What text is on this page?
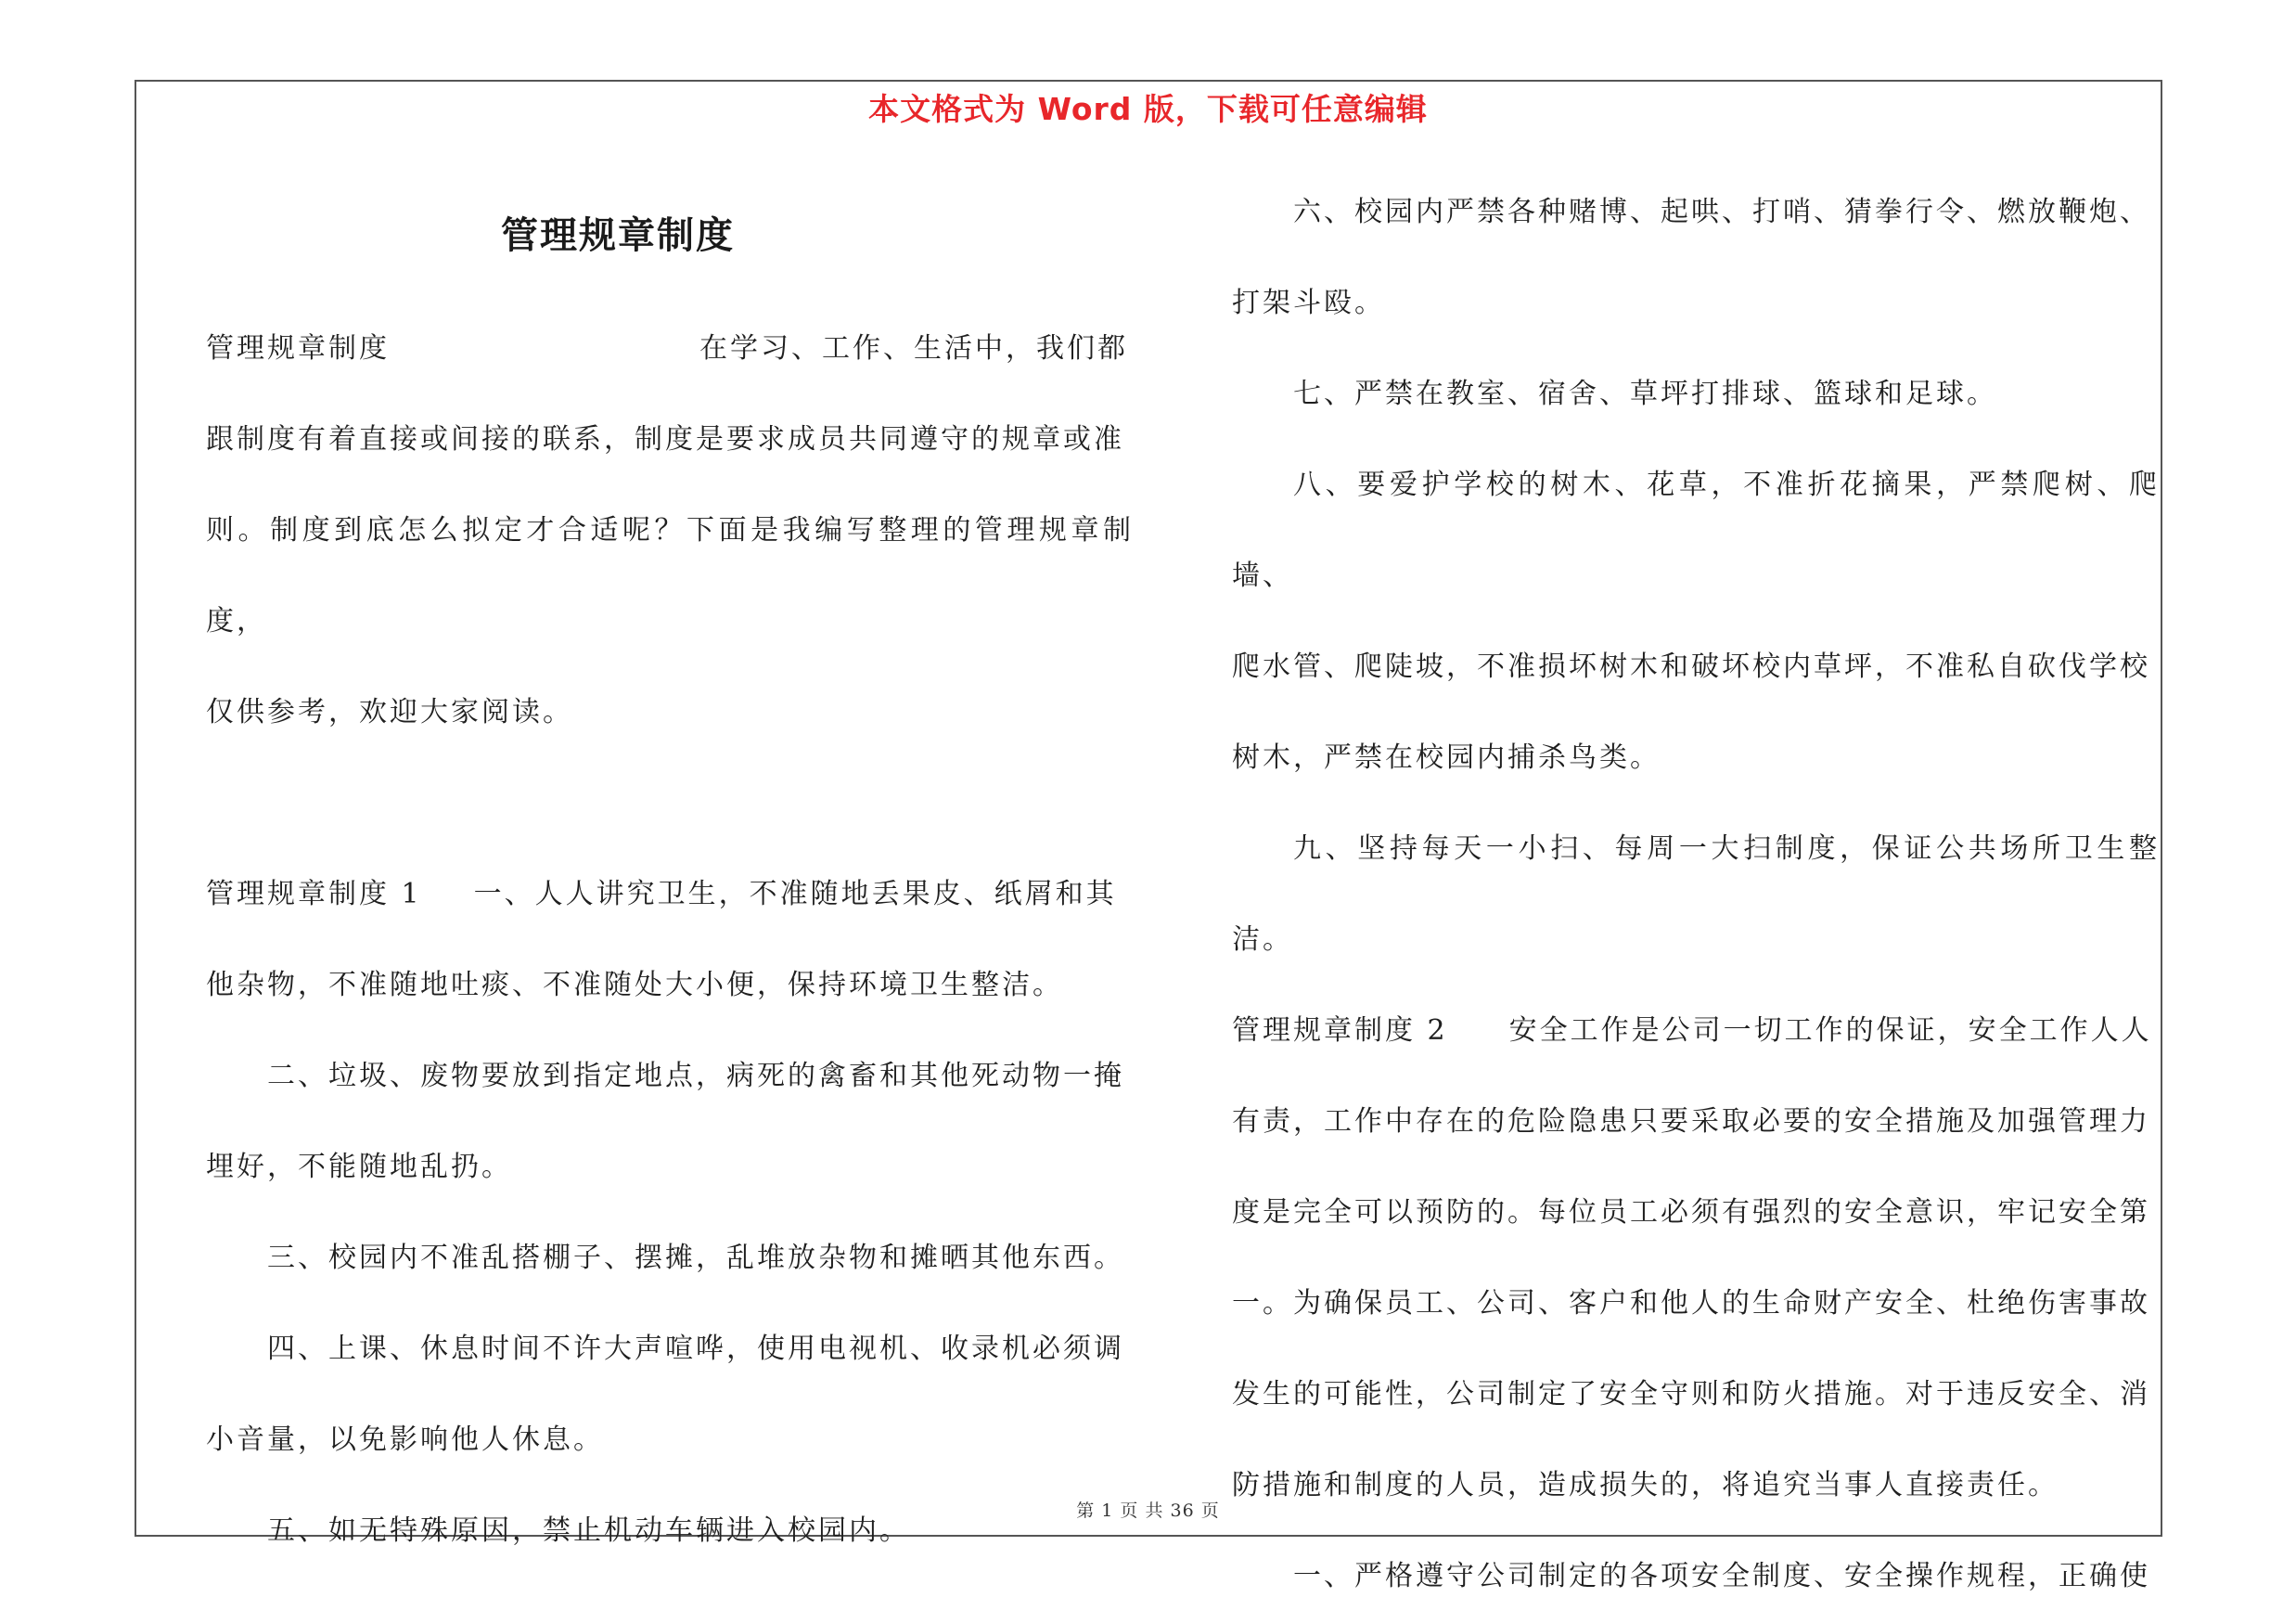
本文格式为 Word 版，下载可任意编辑
管理规章制度

管理规章制度	在学习、工作、生活中，我们都

跟制度有着直接或间接的联系，制度是要求成员共同遵守的规章或准

则。制度到底怎么拟定才合适呢？下面是我编写整理的管理规章制度，

仅供参考，欢迎大家阅读。

管理规章制度 1 一、人人讲究卫生，不准随地丢果皮、纸屑和其

他杂物，不准随地吐痰、不准随处大小便，保持环境卫生整洁。

二、垃圾、废物要放到指定地点，病死的禽畜和其他死动物一掩

埋好，不能随地乱扔。

三、校园内不准乱搭棚子、摆摊，乱堆放杂物和摊晒其他东西。

四、上课、休息时间不许大声喧哗，使用电视机、收录机必须调

小音量，以免影响他人休息。

五、如无特殊原因，禁止机动车辆进入校园内。

六、校园内严禁各种赌博、起哄、打哨、猜拳行令、燃放鞭炮、

打架斗殴。

七、严禁在教室、宿舍、草坪打排球、篮球和足球。

八、要爱护学校的树木、花草，不准折花摘果，严禁爬树、爬墙、

爬水管、爬陡坡，不准损坏树木和破坏校内草坪，不准私自砍伐学校

树木，严禁在校园内捕杀鸟类。

九、坚持每天一小扫、每周一大扫制度，保证公共场所卫生整洁。

管理规章制度 2 安全工作是公司一切工作的保证，安全工作人人

有责，工作中存在的危险隐患只要采取必要的安全措施及加强管理力

度是完全可以预防的。每位员工必须有强烈的安全意识，牢记安全第

一。为确保员工、公司、客户和他人的生命财产安全、杜绝伤害事故

发生的可能性，公司制定了安全守则和防火措施。对于违反安全、消

防措施和制度的人员，造成损失的，将追究当事人直接责任。

一、严格遵守公司制定的各项安全制度、安全操作规程，正确使

第 1 页 共 36 页
